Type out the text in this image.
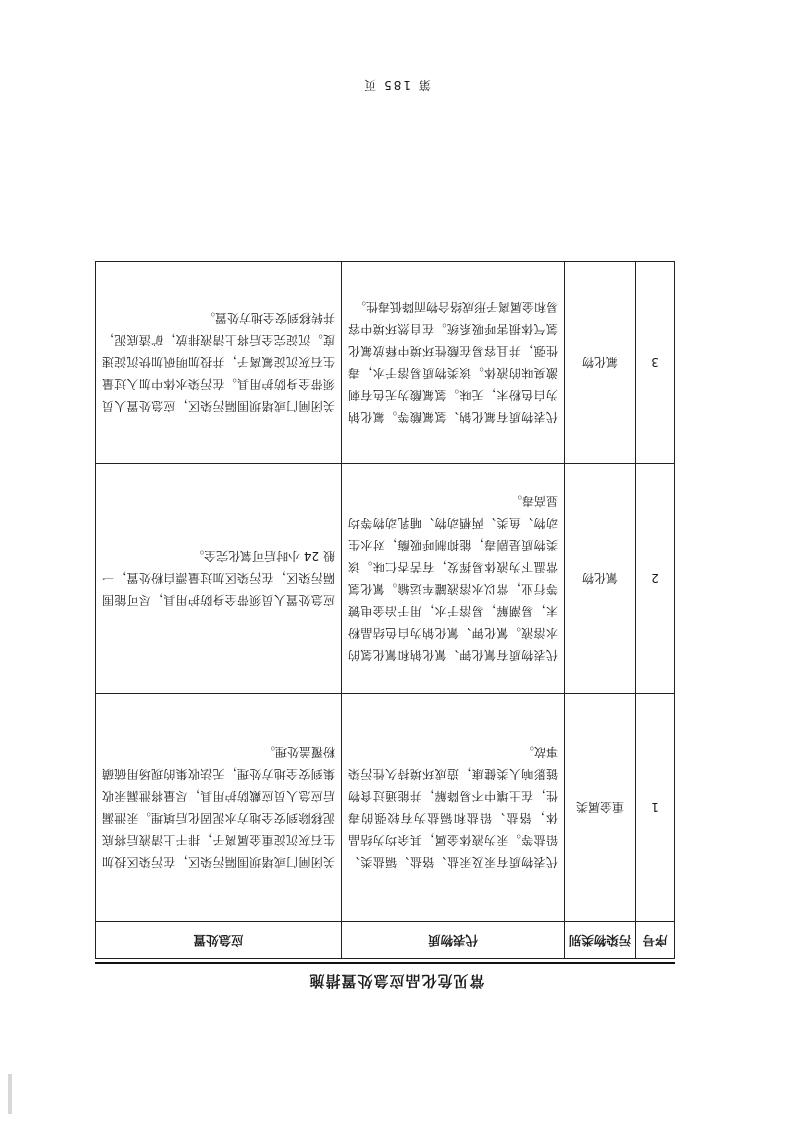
常见危化品应急处置措施
序号	污染物类别	代表物质	应急处置
1	重金属类	代表物质有汞及汞盐、铬盐、镉盐类、铅盐等。汞为液体金属，其余均为结晶体，铬盐、铅盐和镉盐为有较强的毒性，在土壤中不易降解，并能通过食物链影响人类健康，造成环境持久性污染事故。	关闭闸门或堵坝围隔污染区，在污染区投加生石灰沉淀重金属离子，排干上清液后将底泥移除到安全地方水泥固化后填埋。汞泄漏后应急人员应戴防护用具，尽量将泄漏汞收集到安全地方处理，无法收集的现场用硫磺粉覆盖处理。
2	氰化物	代表物质有氰化钾、氰化钠和氰化氢的水溶液。氰化钾、氰化钠为白色结晶粉末，易潮解，易溶于水，用于冶金电镀等行业，常以水溶液罐车运输。氰化氢常温下为液体易挥发，有苦杏仁味。该类物质是剧毒，能抑制呼吸酶，对水生动物、鱼类、两栖动物、哺乳动物等均显高毒。	应急处置人员须带全身防护用具，尽可能围隔污染区，在污染区加过量漂白粉处置，一般 24 小时后可氧化完全。
3	氟化物	代表物质有氟化钠、氢氟酸等。氟化钠为白色粉末，无味。氢氟酸为无色有刺激臭味的液体。该类物质易溶于水，毒性强，并且容易在酸性环境中释放氟化氢气体损害呼吸系统。在自然环境中容易和金属离子形成络合物而降低毒性。	关闭闸门或堵坝围隔污染区，应急处置人员须带全身防护用具。在污染水体中加入过量生石灰沉淀氟离子，并投加明矾加快沉淀速度。沉淀完全后将上清液排放，矿渣底泥，并转移到安全地方处置。
第 185 页
